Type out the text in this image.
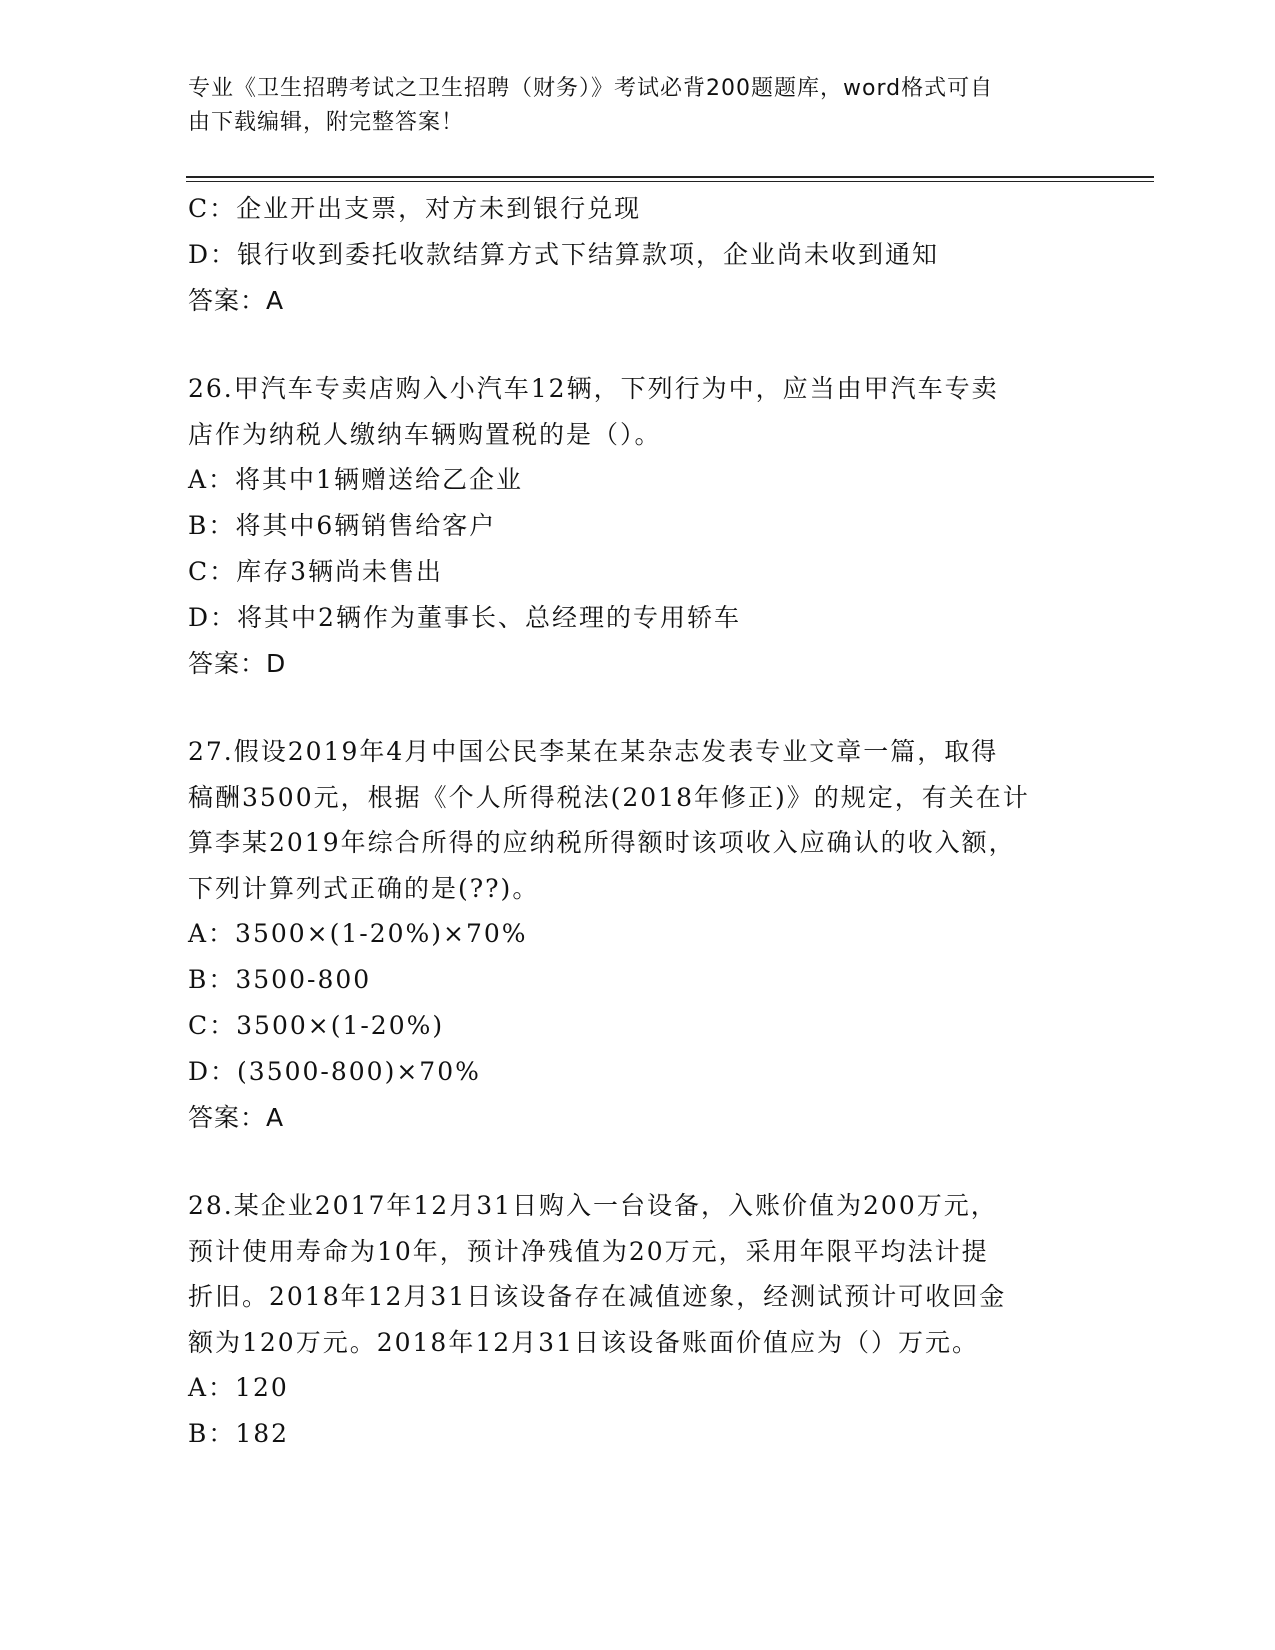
专业《卫生招聘考试之卫生招聘（财务）》考试必背200题题库，word格式可自
由下载编辑，附完整答案！
C：企业开出支票，对方未到银行兑现
D：银行收到委托收款结算方式下结算款项，企业尚未收到通知
答案：A
26.甲汽车专卖店购入小汽车12辆，下列行为中，应当由甲汽车专卖
店作为纳税人缴纳车辆购置税的是（）。
A：将其中1辆赠送给乙企业
B：将其中6辆销售给客户
C：库存3辆尚未售出
D：将其中2辆作为董事长、总经理的专用轿车
答案：D
27.假设2019年4月中国公民李某在某杂志发表专业文章一篇，取得
稿酬3500元，根据《个人所得税法(2018年修正)》的规定，有关在计
算李某2019年综合所得的应纳税所得额时该项收入应确认的收入额，
下列计算列式正确的是(??)。
A：3500×(1-20%)×70%
B：3500-800
C：3500×(1-20%)
D：(3500-800)×70%
答案：A
28.某企业2017年12月31日购入一台设备，入账价值为200万元，
预计使用寿命为10年，预计净残值为20万元，采用年限平均法计提
折旧。2018年12月31日该设备存在减值迹象，经测试预计可收回金
额为120万元。2018年12月31日该设备账面价值应为（）万元。
A：120
B：182
